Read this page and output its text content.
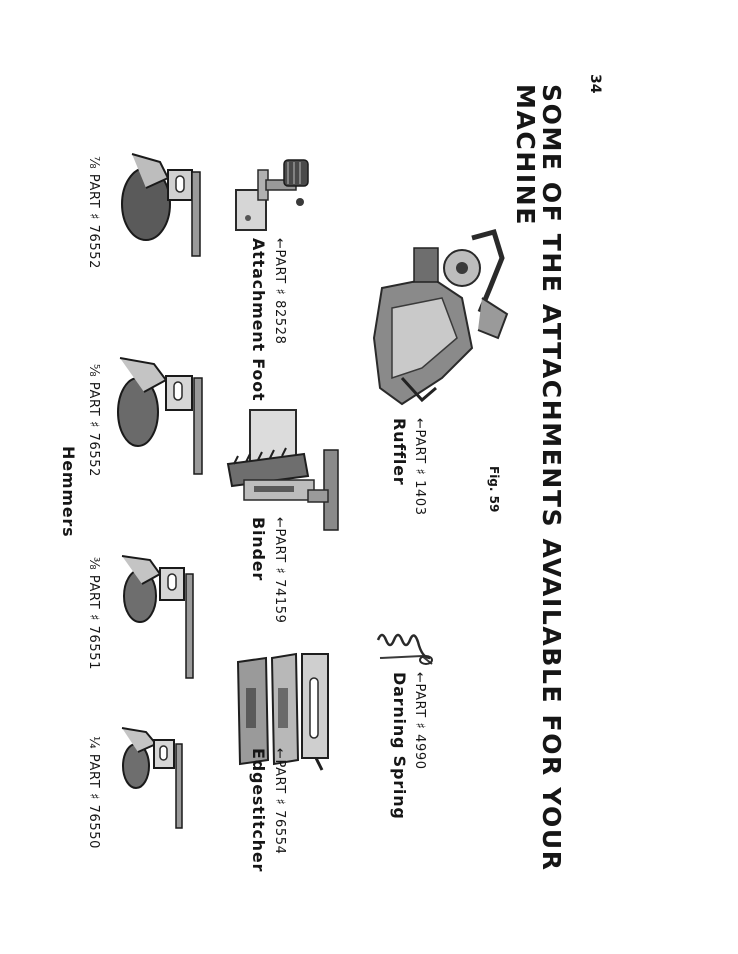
34
SOME OF THE ATTACHMENTS AVAILABLE FOR YOUR
MACHINE
Fig. 59
←PART ♯ 1403
Ruffler
←PART ♯ 4990
Darning Spring
←PART ♯ 82528
Attachment Foot
←PART ♯ 74159
Binder
←PART ♯ 76554
Edgestitcher
⅞ PART ♯ 76552
⅝ PART ♯ 76552
⅜ PART ♯ 76551
¼ PART ♯ 76550
Hemmers
